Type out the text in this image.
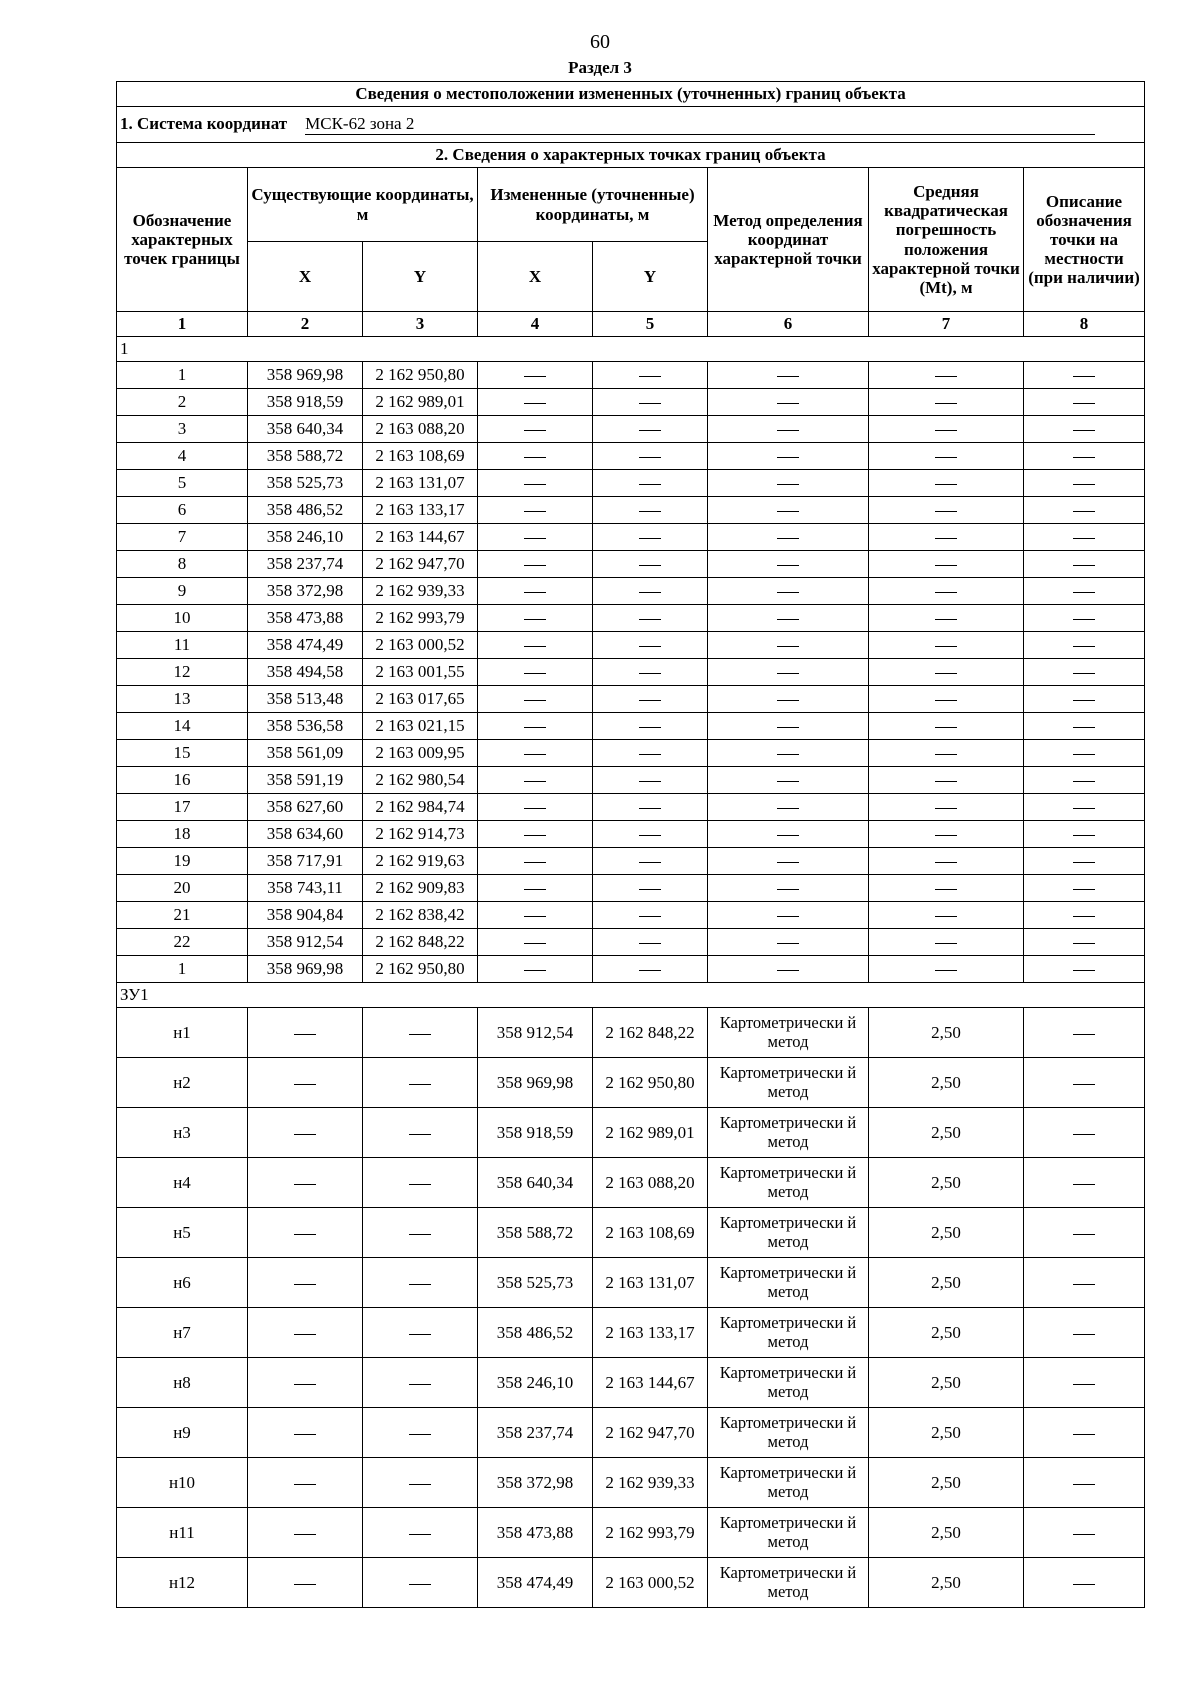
60
Раздел 3
Сведения о местоположении измененных (уточненных) границ объекта							
1. Система координат МСК-62 зона 2							
2. Сведения о характерных точках границ объекта							
Обозначение характерных точек границы	Существующие координаты, м		Измененные (уточненные) координаты, м		Метод определения координат характерной точки	Средняя квадратическая погрешность положения характерной точки (Mt), м	Описание обозначения точки на местности (при наличии)
	X	Y	X	Y			
1	2	3	4	5	6	7	8
1							
1	358 969,98	2 162 950,80					
2	358 918,59	2 162 989,01					
3	358 640,34	2 163 088,20					
4	358 588,72	2 163 108,69					
5	358 525,73	2 163 131,07					
6	358 486,52	2 163 133,17					
7	358 246,10	2 163 144,67					
8	358 237,74	2 162 947,70					
9	358 372,98	2 162 939,33					
10	358 473,88	2 162 993,79					
11	358 474,49	2 163 000,52					
12	358 494,58	2 163 001,55					
13	358 513,48	2 163 017,65					
14	358 536,58	2 163 021,15					
15	358 561,09	2 163 009,95					
16	358 591,19	2 162 980,54					
17	358 627,60	2 162 984,74					
18	358 634,60	2 162 914,73					
19	358 717,91	2 162 919,63					
20	358 743,11	2 162 909,83					
21	358 904,84	2 162 838,42					
22	358 912,54	2 162 848,22					
1	358 969,98	2 162 950,80					
ЗУ1							
н1			358 912,54	2 162 848,22	Картометрически й метод	2,50	
н2			358 969,98	2 162 950,80	Картометрически й метод	2,50	
н3			358 918,59	2 162 989,01	Картометрически й метод	2,50	
н4			358 640,34	2 163 088,20	Картометрически й метод	2,50	
н5			358 588,72	2 163 108,69	Картометрически й метод	2,50	
н6			358 525,73	2 163 131,07	Картометрически й метод	2,50	
н7			358 486,52	2 163 133,17	Картометрически й метод	2,50	
н8			358 246,10	2 163 144,67	Картометрически й метод	2,50	
н9			358 237,74	2 162 947,70	Картометрически й метод	2,50	
н10			358 372,98	2 162 939,33	Картометрически й метод	2,50	
н11			358 473,88	2 162 993,79	Картометрически й метод	2,50	
н12			358 474,49	2 163 000,52	Картометрически й метод	2,50	
